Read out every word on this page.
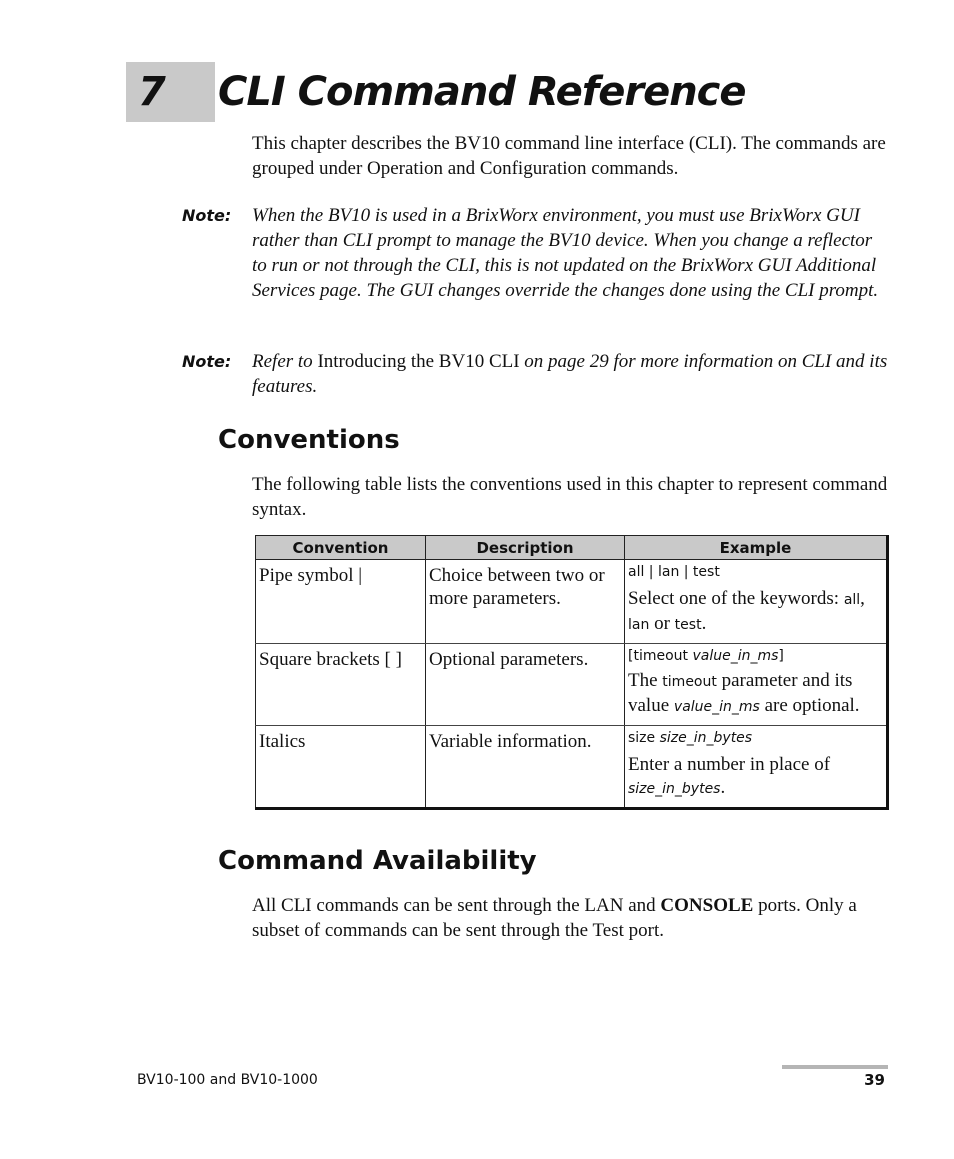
7 CLI Command Reference
This chapter describes the BV10 command line interface (CLI). The commands are grouped under Operation and Configuration commands.
Note: When the BV10 is used in a BrixWorx environment, you must use BrixWorx GUI rather than CLI prompt to manage the BV10 device. When you change a reflector to run or not through the CLI, this is not updated on the BrixWorx GUI Additional Services page. The GUI changes override the changes done using the CLI prompt.
Note: Refer to Introducing the BV10 CLI on page 29 for more information on CLI and its features.
Conventions
The following table lists the conventions used in this chapter to represent command syntax.
Convention	Description	Example
Pipe symbol |	Choice between two or more parameters.	all | lan | test
Select one of the keywords: all, lan or test.

Square brackets [ ]	Optional parameters.	[timeout value_in_ms]
The timeout parameter and its value value_in_ms are optional.

Italics	Variable information.	size size_in_bytes
Enter a number in place of size_in_bytes.
Command Availability
All CLI commands can be sent through the LAN and CONSOLE ports. Only a subset of commands can be sent through the Test port.
BV10-100 and BV10-1000	39
